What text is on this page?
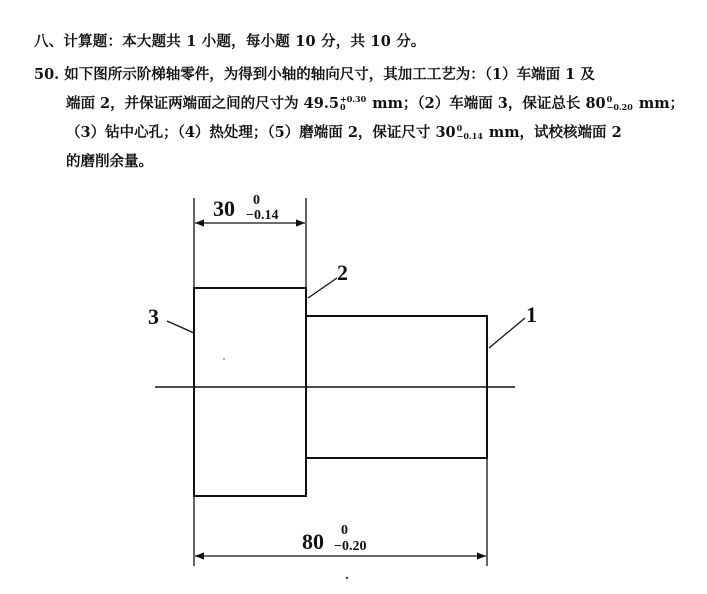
八、计算题：本大题共 1 小题，每小题 10 分，共 10 分。
50. 如下图所示阶梯轴零件，为得到小轴的轴向尺寸，其加工工艺为：（1）车端面 1 及
端面 2，并保证两端面之间的尺寸为 49.5 +0.30
0	mm；（2）车端面 3，保证总长 80 0
−0.20 mm；
（3）钻中心孔；（4）热处理；（5）磨端面 2，保证尺寸 30 0
−0.14 mm，试校核端面 2
的磨削余量。
30 0
−0.14
80 0
−0.20
3
2
1
